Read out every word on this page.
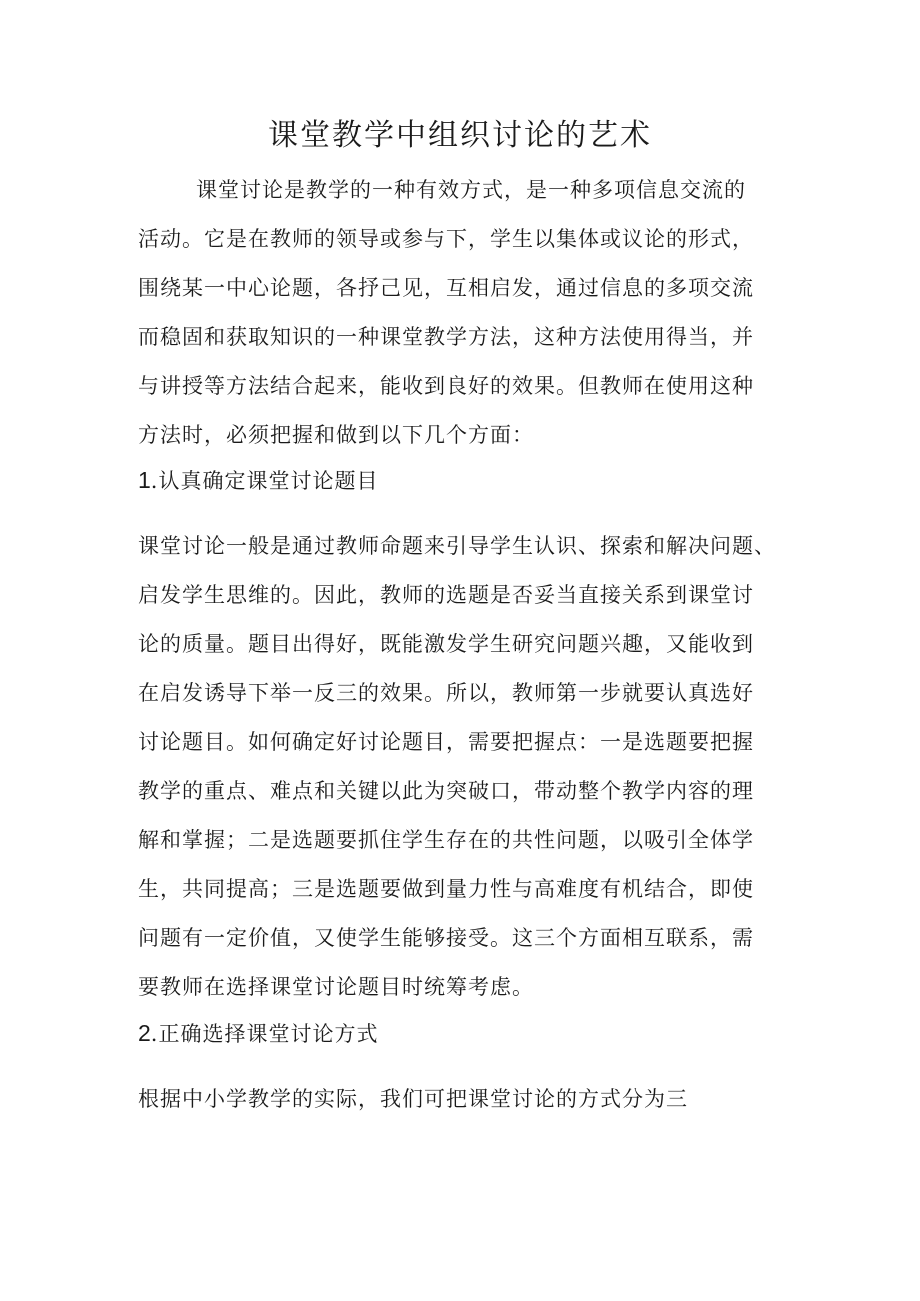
课堂教学中组织讨论的艺术

课堂讨论是教学的一种有效方式，是一种多项信息交流的

活动。它是在教师的领导或参与下，学生以集体或议论的形式，

围绕某一中心论题，各抒己见，互相启发，通过信息的多项交流

而稳固和获取知识的一种课堂教学方法，这种方法使用得当，并

与讲授等方法结合起来，能收到良好的效果。但教师在使用这种

方法时，必须把握和做到以下几个方面：

1.认真确定课堂讨论题目

课堂讨论一般是通过教师命题来引导学生认识、探索和解决问题、

启发学生思维的。因此，教师的选题是否妥当直接关系到课堂讨

论的质量。题目出得好，既能激发学生研究问题兴趣，又能收到

在启发诱导下举一反三的效果。所以，教师第一步就要认真选好

讨论题目。如何确定好讨论题目，需要把握点：一是选题要把握

教学的重点、难点和关键以此为突破口，带动整个教学内容的理

解和掌握；二是选题要抓住学生存在的共性问题，以吸引全体学

生，共同提高；三是选题要做到量力性与高难度有机结合，即使

问题有一定价值，又使学生能够接受。这三个方面相互联系，需

要教师在选择课堂讨论题目时统筹考虑。

2.正确选择课堂讨论方式

根据中小学教学的实际，我们可把课堂讨论的方式分为三
